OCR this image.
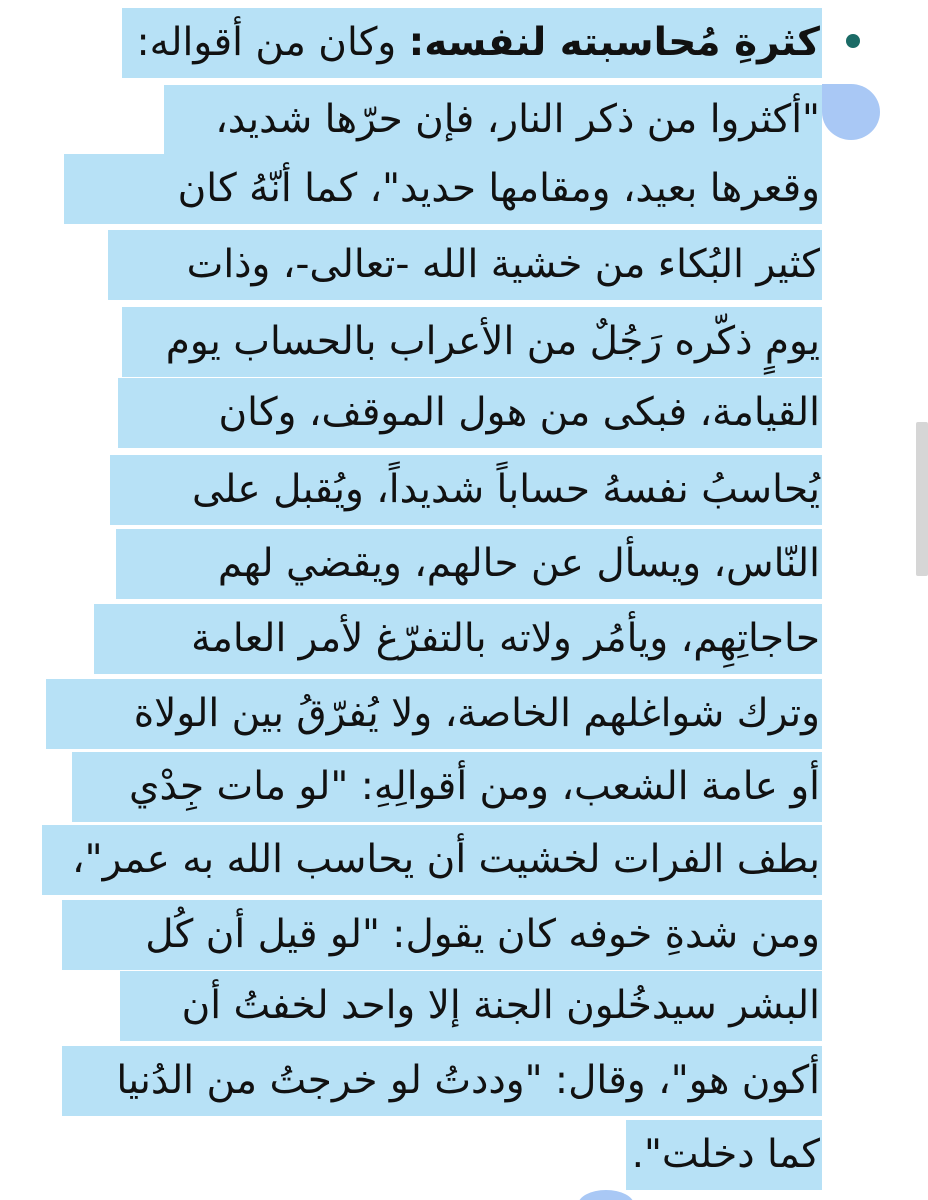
كثرةِ مُحاسبته لنفسه: وكان من أقواله:
"أكثروا من ذكر النار، فإن حرّها شديد،
وقعرها بعيد، ومقامها حديد"، كما أنّهُ كان
كثير البُكاء من خشية الله -تعالى-، وذات
يومٍ ذكّره رَجُلٌ من الأعراب بالحساب يوم
القيامة، فبكى من هول الموقف، وكان
يُحاسبُ نفسهُ حساباً شديداً، ويُقبل على
النّاس، ويسأل عن حالهم، ويقضي لهم
حاجاتِهِم، ويأمُر ولاته بالتفرّغ لأمر العامة
وترك شواغلهم الخاصة، ولا يُفرّقُ بين الولاة
أو عامة الشعب، ومن أقوالِهِ: "لو مات جِدْي
بطف الفرات لخشيت أن يحاسب الله به عمر"،
ومن شدةِ خوفه كان يقول: "لو قيل أن كُل
البشر سيدخُلون الجنة إلا واحد لخفتُ أن
أكون هو"، وقال: "وددتُ لو خرجتُ من الدُنيا
كما دخلت".
